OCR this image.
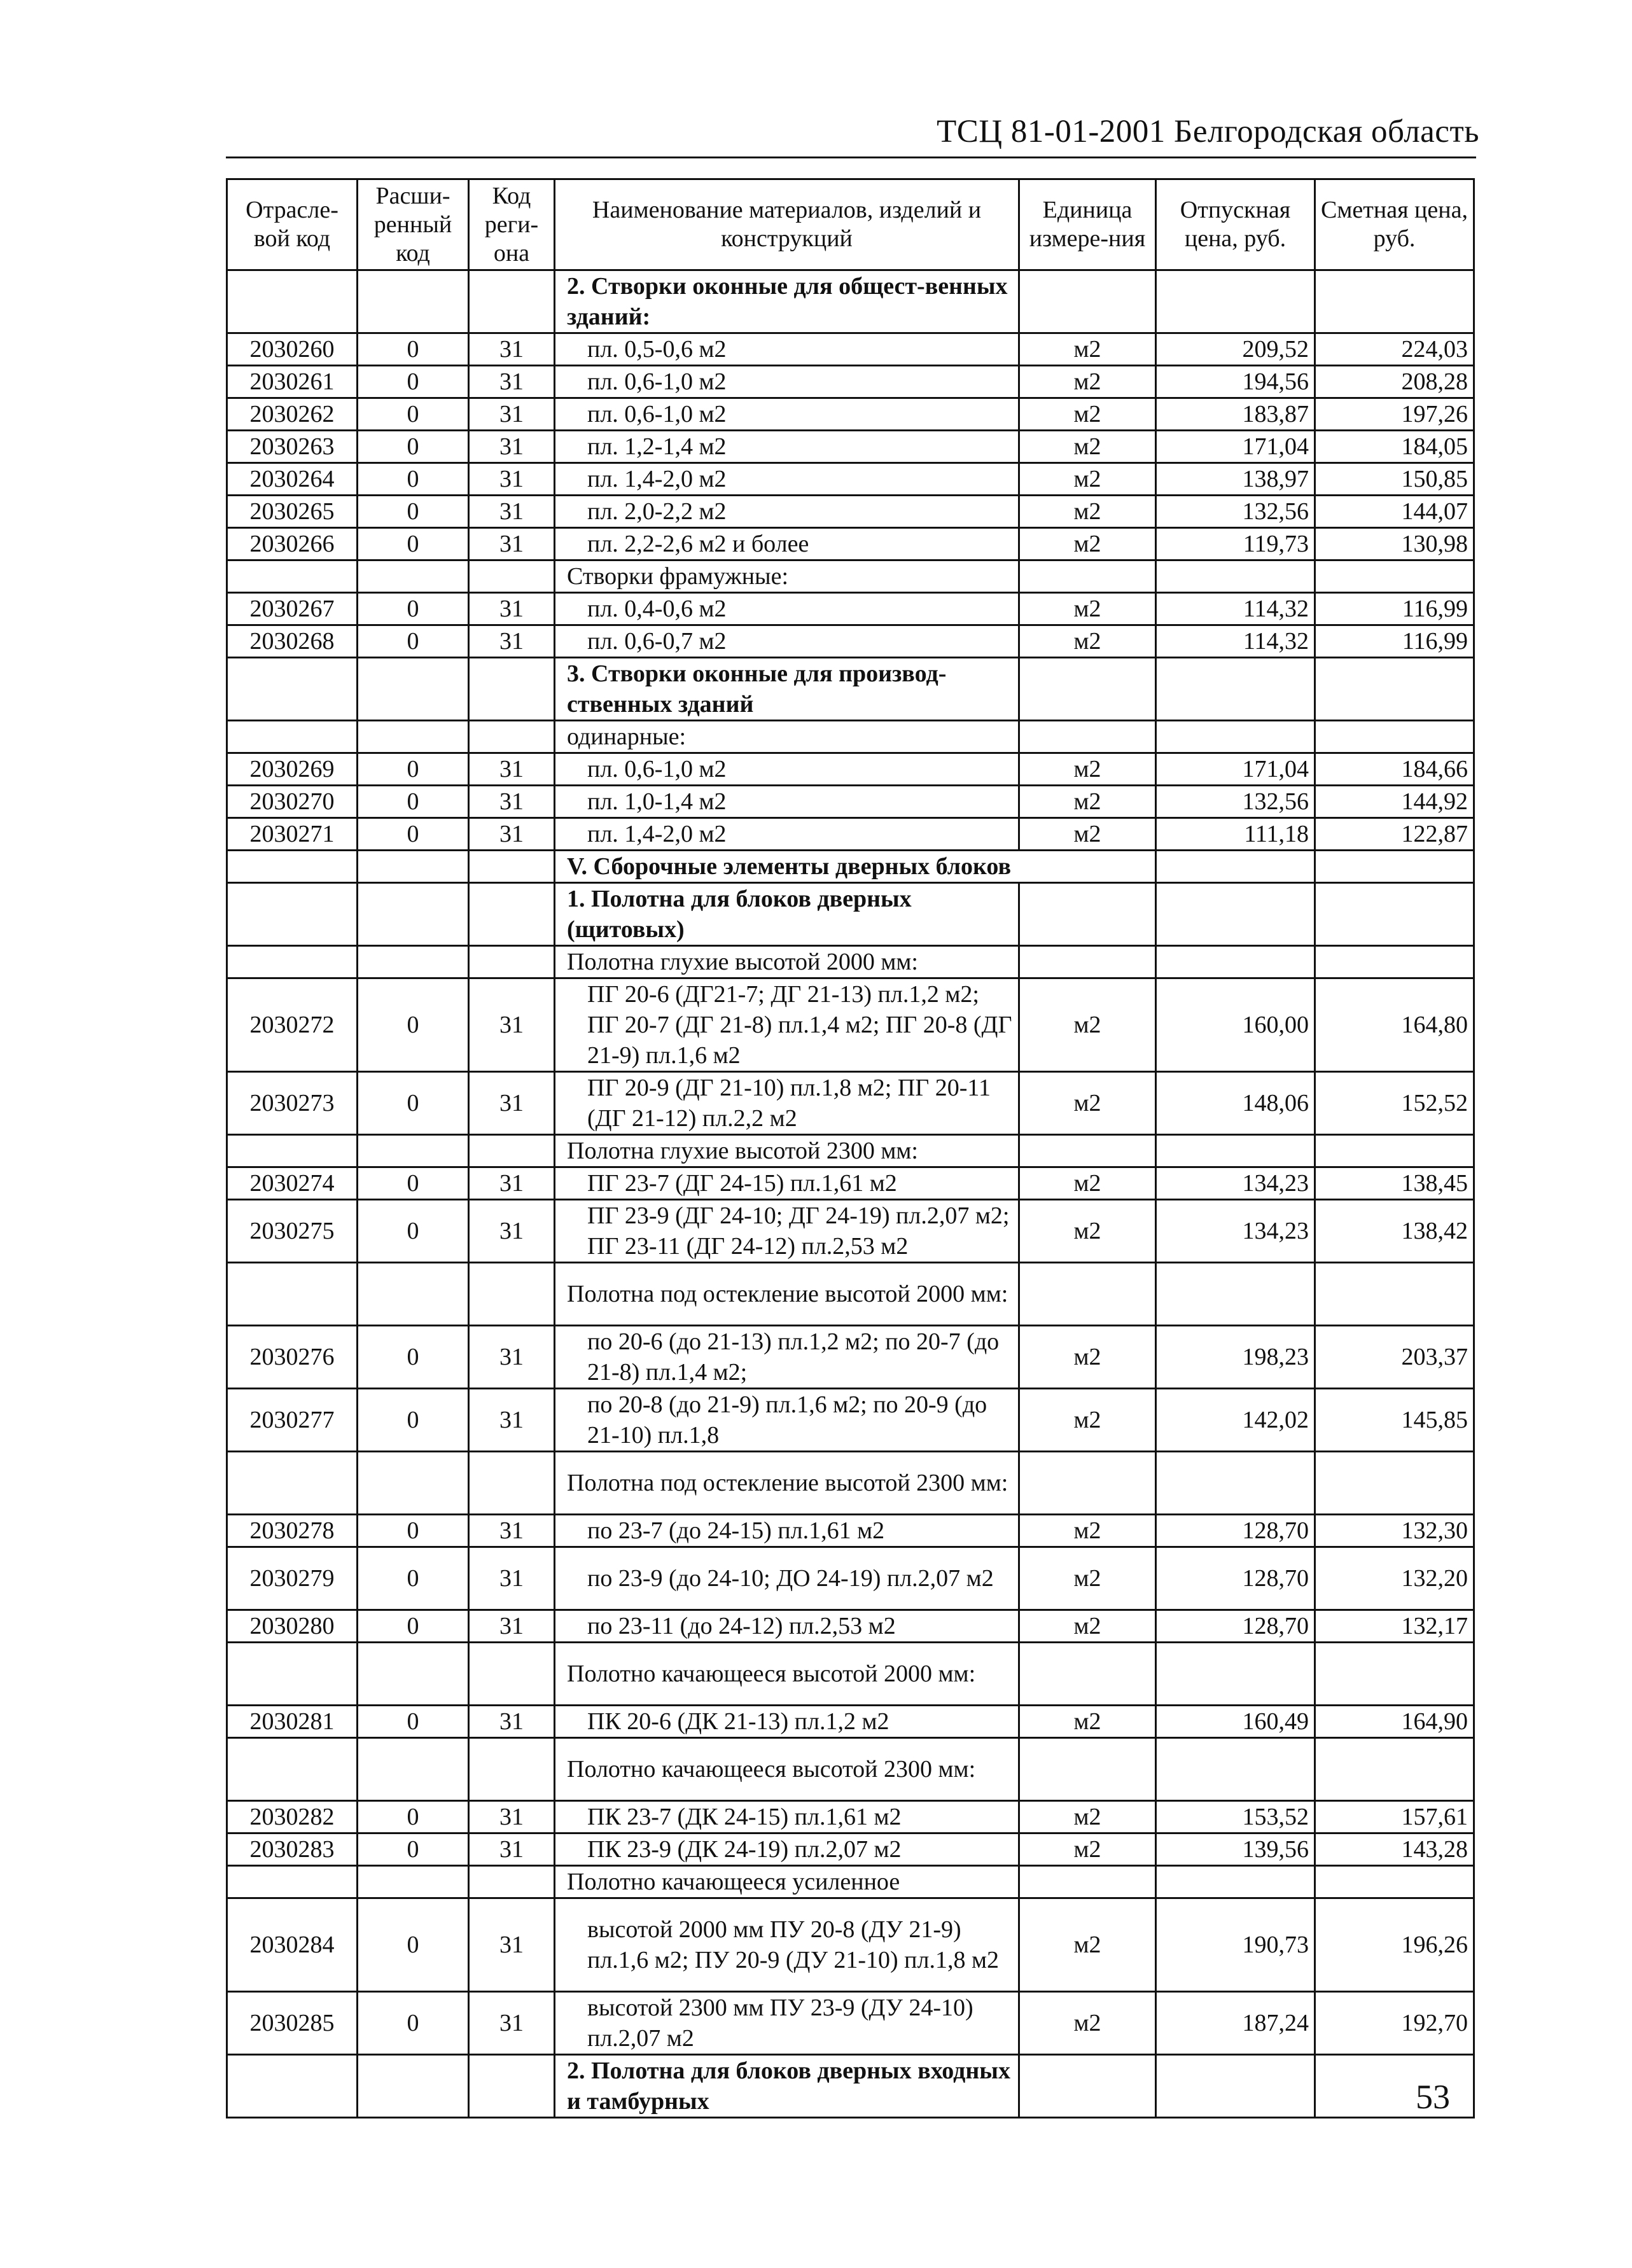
ТСЦ 81-01-2001 Белгородская область
Отрасле-вой код	Расши-ренный код	Код реги-она	Наименование материалов, изделий и конструкций	Единица измере-ния	Отпускная цена, руб.	Сметная цена, руб.
			2. Створки оконные для общест-венных зданий:			
2030260	0	31	пл. 0,5-0,6 м2	м2	209,52	224,03
2030261	0	31	пл. 0,6-1,0 м2	м2	194,56	208,28
2030262	0	31	пл. 0,6-1,0 м2	м2	183,87	197,26
2030263	0	31	пл. 1,2-1,4 м2	м2	171,04	184,05
2030264	0	31	пл. 1,4-2,0 м2	м2	138,97	150,85
2030265	0	31	пл. 2,0-2,2 м2	м2	132,56	144,07
2030266	0	31	пл. 2,2-2,6 м2 и более	м2	119,73	130,98
			Створки фрамужные:			
2030267	0	31	пл. 0,4-0,6 м2	м2	114,32	116,99
2030268	0	31	пл. 0,6-0,7 м2	м2	114,32	116,99
			3. Створки оконные для производ-ственных зданий			
			одинарные:			
2030269	0	31	пл. 0,6-1,0 м2	м2	171,04	184,66
2030270	0	31	пл. 1,0-1,4 м2	м2	132,56	144,92
2030271	0	31	пл. 1,4-2,0 м2	м2	111,18	122,87
			V. Сборочные элементы дверных блоков			
			1. Полотна для блоков дверных (щитовых)			
			Полотна глухие высотой 2000 мм:			
2030272	0	31	ПГ 20-6 (ДГ21-7; ДГ 21-13) пл.1,2 м2; ПГ 20-7 (ДГ 21-8) пл.1,4 м2; ПГ 20-8 (ДГ 21-9) пл.1,6 м2	м2	160,00	164,80
2030273	0	31	ПГ 20-9 (ДГ 21-10) пл.1,8 м2; ПГ 20-11 (ДГ 21-12) пл.2,2 м2	м2	148,06	152,52
			Полотна глухие высотой 2300 мм:			
2030274	0	31	ПГ 23-7 (ДГ 24-15) пл.1,61 м2	м2	134,23	138,45
2030275	0	31	ПГ 23-9 (ДГ 24-10; ДГ 24-19) пл.2,07 м2; ПГ 23-11 (ДГ 24-12) пл.2,53 м2	м2	134,23	138,42
			Полотна под остекление высотой 2000 мм:			
2030276	0	31	по 20-6 (до 21-13) пл.1,2 м2; по 20-7 (до 21-8) пл.1,4 м2;	м2	198,23	203,37
2030277	0	31	по 20-8 (до 21-9) пл.1,6 м2; по 20-9 (до 21-10) пл.1,8	м2	142,02	145,85
			Полотна под остекление высотой 2300 мм:			
2030278	0	31	по 23-7 (до 24-15) пл.1,61 м2	м2	128,70	132,30
2030279	0	31	по 23-9 (до 24-10; ДО 24-19) пл.2,07 м2	м2	128,70	132,20
2030280	0	31	по 23-11 (до 24-12) пл.2,53 м2	м2	128,70	132,17
			Полотно качающееся высотой 2000 мм:			
2030281	0	31	ПК 20-6 (ДК 21-13) пл.1,2 м2	м2	160,49	164,90
			Полотно качающееся высотой 2300 мм:			
2030282	0	31	ПК 23-7 (ДК 24-15) пл.1,61 м2	м2	153,52	157,61
2030283	0	31	ПК 23-9 (ДК 24-19) пл.2,07 м2	м2	139,56	143,28
			Полотно качающееся усиленное			
2030284	0	31	высотой 2000 мм ПУ 20-8 (ДУ 21-9) пл.1,6 м2; ПУ 20-9 (ДУ 21-10) пл.1,8 м2	м2	190,73	196,26
2030285	0	31	высотой 2300 мм ПУ 23-9 (ДУ 24-10) пл.2,07 м2	м2	187,24	192,70
			2. Полотна для блоков дверных входных и тамбурных				53
